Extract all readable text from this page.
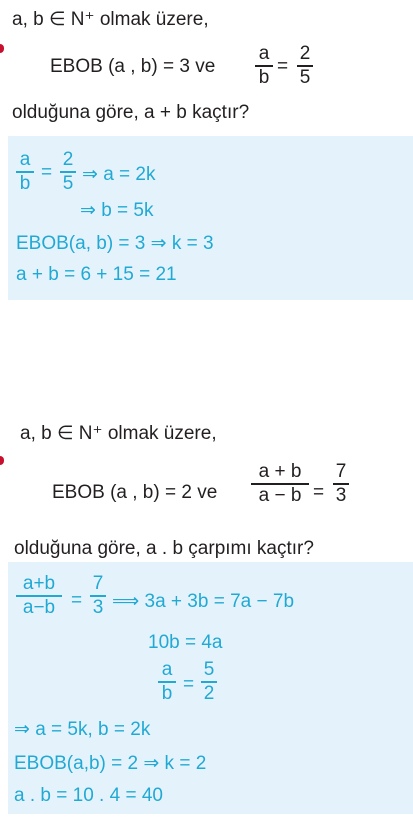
a, b ∈ N⁺ olmak üzere,
EBOB (a , b) = 3 ve
a
b =
2
5
olduğuna göre, a + b kaçtır?
a
b =
2
5 ⇒ a = 2k
⇒ b = 5k
EBOB(a, b) = 3 ⇒ k = 3
a + b = 6 + 15 = 21
a, b ∈ N⁺ olmak üzere,
EBOB (a , b) = 2 ve
a + b
a − b =
7
3
olduğuna göre, a . b çarpımı kaçtır?
a+b
a−b =
7
3 ⟹ 3a + 3b = 7a − 7b
10b = 4a
a
b =
5
2
⇒ a = 5k, b = 2k
EBOB(a,b) = 2 ⇒ k = 2
a . b = 10 . 4 = 40
